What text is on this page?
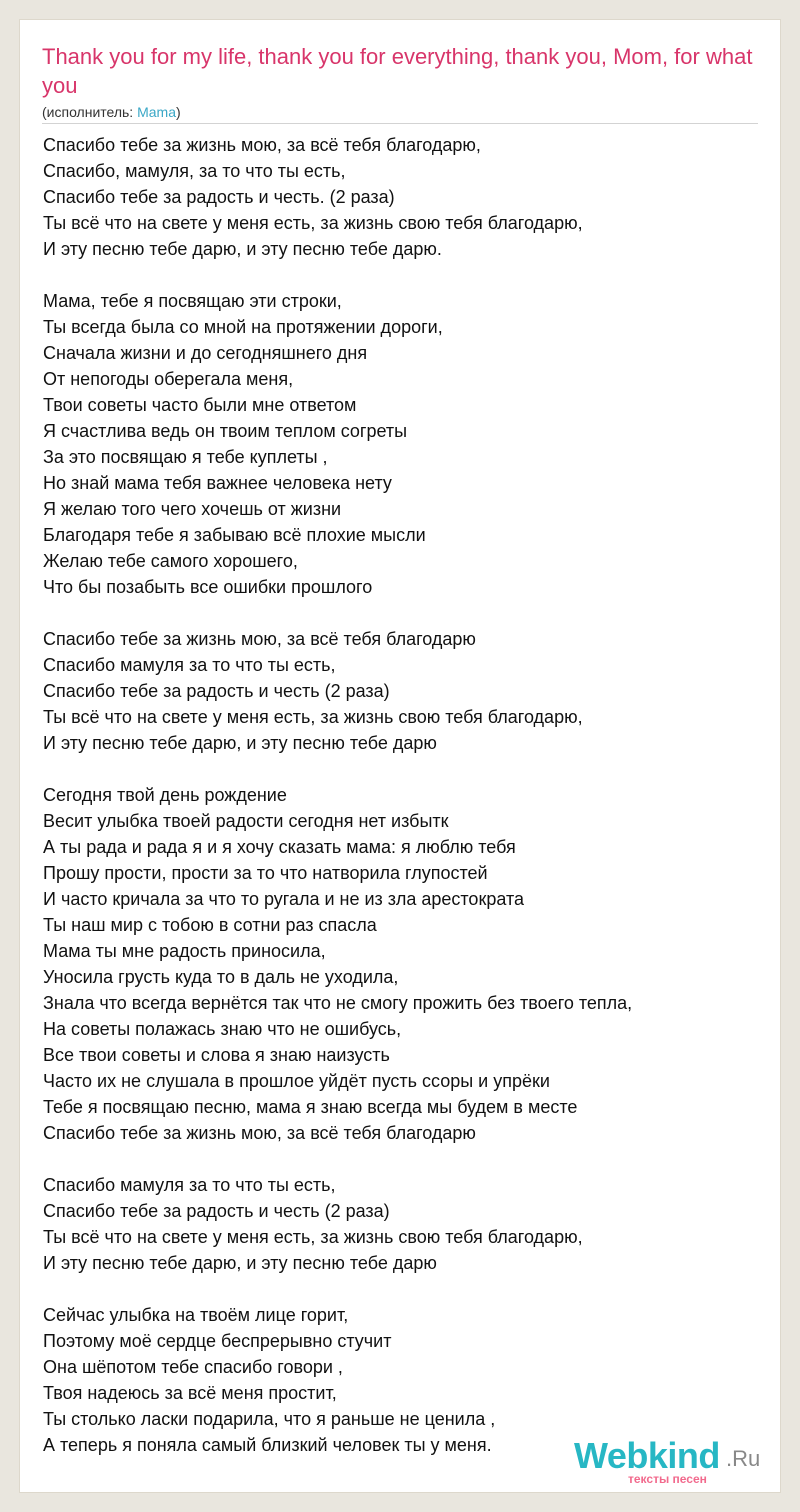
Thank you for my life, thank you for everything, thank you, Mom, for what you
(исполнитель: Mama)
Спасибо тебе за жизнь мою, за всё тебя благодарю,
Спасибо, мамуля, за то что ты есть,
Спасибо тебе за радость и честь. (2 раза)
Ты всё что на свете у меня есть, за жизнь свою тебя благодарю,
И эту песню тебе дарю, и эту песню тебе дарю.
Мама, тебе я посвящаю эти строки,
Ты всегда была со мной на протяжении дороги,
Сначала жизни и до сегодняшнего дня
От непогоды оберегала меня,
Твои советы часто были мне ответом
Я счастлива ведь он твоим теплом согреты
За это посвящаю я тебе куплеты ,
Но знай мама тебя важнее человека нету
Я желаю того чего хочешь от жизни
Благодаря тебе я забываю всё плохие мысли
Желаю тебе самого хорошего,
Что бы позабыть все ошибки прошлого
Спасибо тебе за жизнь мою, за всё тебя благодарю
Спасибо мамуля за то что ты есть,
Спасибо тебе за радость и честь (2 раза)
Ты всё что на свете у меня есть, за жизнь свою тебя благодарю,
И эту песню тебе дарю, и эту песню тебе дарю
Сегодня твой день рождение
Весит улыбка твоей радости сегодня нет избытк
А ты рада и рада я и я хочу сказать мама: я люблю тебя
Прошу прости, прости за то что натворила глупостей
И часто кричала за что то ругала и не из зла арестократа
Ты наш мир с тобою в сотни раз спасла
Мама ты мне радость приносила,
Уносила грусть куда то в даль не уходила,
Знала что всегда вернётся так что не смогу прожить без твоего тепла,
На советы полажась знаю что не ошибусь,
Все твои советы и слова я знаю наизусть
Часто их не слушала в прошлое уйдёт пусть ссоры и упрёки
Тебе я посвящаю песню, мама я знаю всегда мы будем в месте
Спасибо тебе за жизнь мою, за всё тебя благодарю
Спасибо мамуля за то что ты есть,
Спасибо тебе за радость и честь (2 раза)
Ты всё что на свете у меня есть, за жизнь свою тебя благодарю,
И эту песню тебе дарю, и эту песню тебе дарю
Сейчас улыбка на твоём лице горит,
Поэтому моё сердце беспрерывно стучит
Она шёпотом тебе спасибо говори ,
Твоя надеюсь за всё меня простит,
Ты столько ласки подарила, что я раньше не ценила ,
А теперь я поняла самый близкий человек ты у меня.	Webkind .Ru
тексты песен
